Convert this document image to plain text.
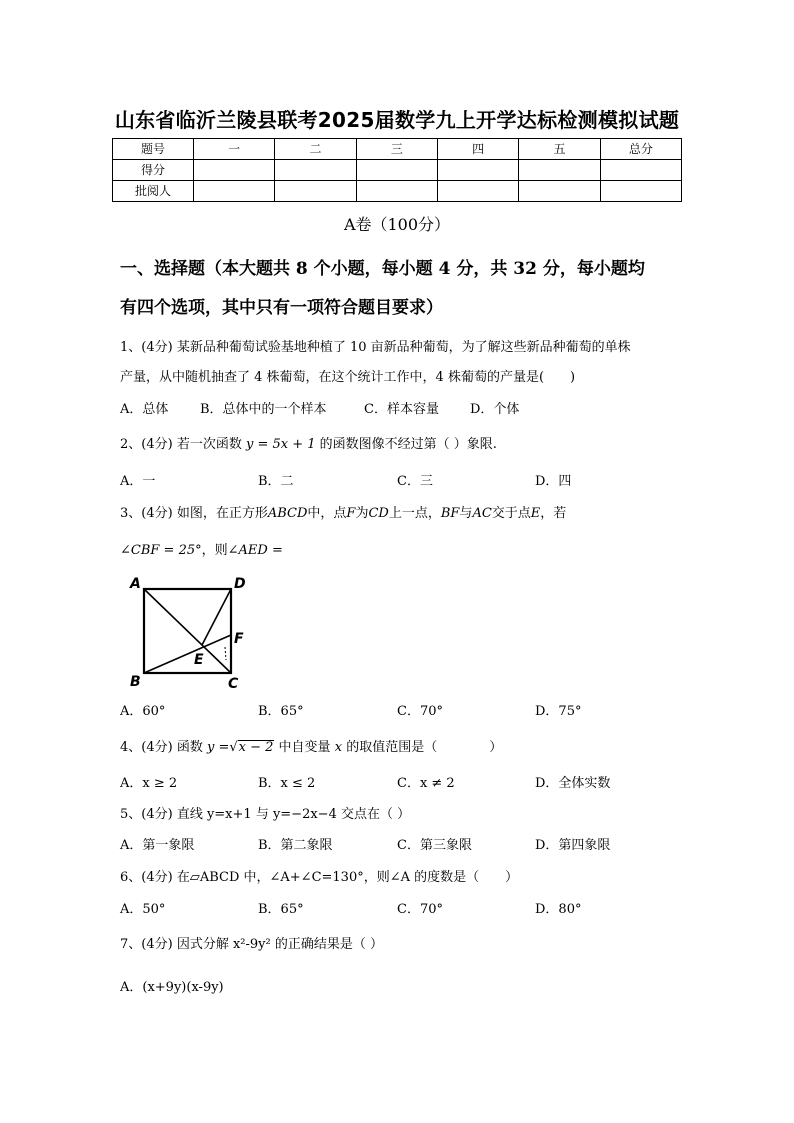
山东省临沂兰陵县联考2025届数学九上开学达标检测模拟试题
题号	一	二	三	四	五	总分
得分						
批阅人						
A卷（100分）
一、选择题（本大题共 8 个小题，每小题 4 分，共 32 分，每小题均
有四个选项，其中只有一项符合题目要求）
1、(4分) 某新品种葡萄试验基地种植了 10 亩新品种葡萄，为了解这些新品种葡萄的单株
产量，从中随机抽查了 4 株葡萄，在这个统计工作中，4 株葡萄的产量是(　　)
A．总体 B．总体中的一个样本	C．样本容量 D．个体
2、(4分) 若一次函数 y = 5x + 1 的函数图像不经过第（ ）象限.
A．一	B．二	C．三	D．四
3、(4分) 如图，在正方形ABCD中，点F为CD上一点，BF与AC交于点E，若
∠CBF = 25°，则∠AED =
A	D
B	C
F
E
A．60°	B．65°	C．70°	D．75°
4、(4分) 函数 y =√x − 2 中自变量 x 的取值范围是（　　　　）
A．x ≥ 2	B．x ≤ 2	C．x ≠ 2	D．全体实数
5、(4分) 直线 y=x+1 与 y=−2x−4 交点在（ ）
A．第一象限	B．第二象限	C．第三象限	D．第四象限
6、(4分) 在▱ABCD 中，∠A+∠C=130°，则∠A 的度数是（　　）
A．50°	B．65°	C．70°	D．80°
7、(4分) 因式分解 x²-9y² 的正确结果是（ ）
A．(x+9y)(x-9y)
